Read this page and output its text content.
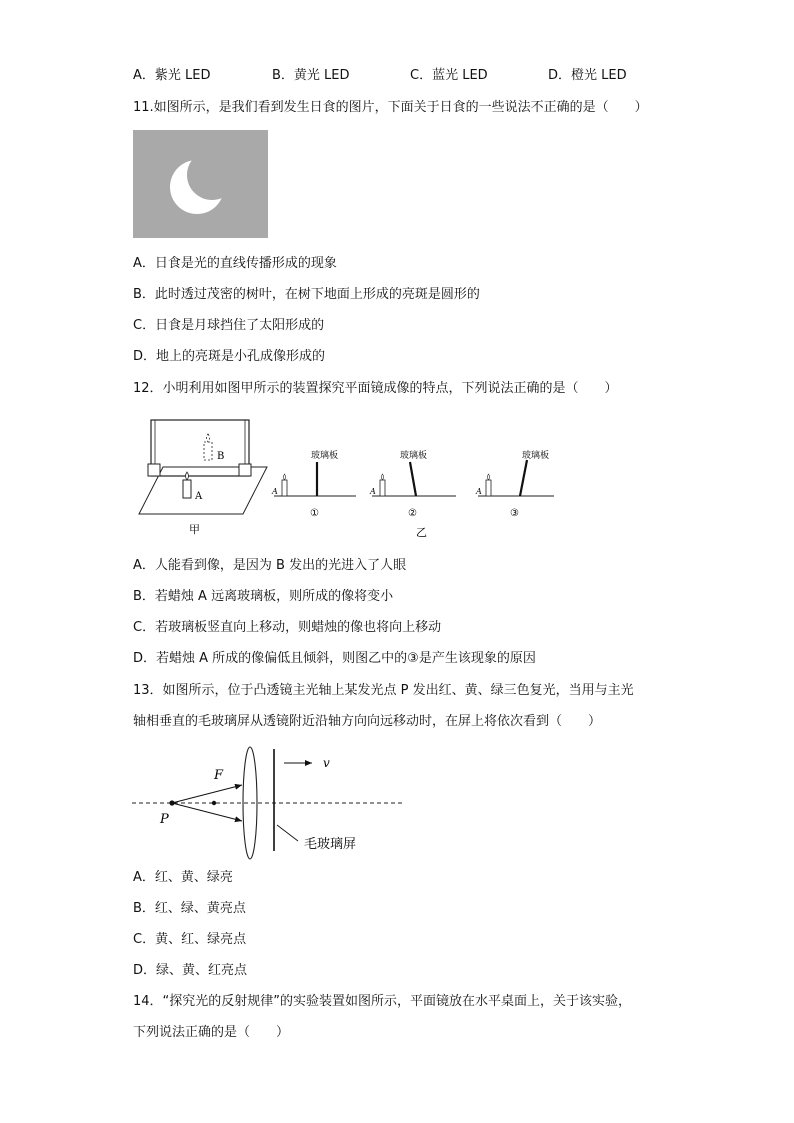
A．紫光 LED	B．黄光 LED	C．蓝光 LED	D．橙光 LED
11.如图所示，是我们看到发生日食的图片，下面关于日食的一些说法不正确的是（　　）
A．日食是光的直线传播形成的现象
B．此时透过茂密的树叶，在树下地面上形成的亮斑是圆形的
C．日食是月球挡住了太阳形成的
D．地上的亮斑是小孔成像形成的
12．小明利用如图甲所示的装置探究平面镜成像的特点，下列说法正确的是（　　）
B
A
甲
A
玻璃板
①
A
玻璃板
②
乙
A
玻璃板
③
A．人能看到像，是因为 B 发出的光进入了人眼
B．若蜡烛 A 远离玻璃板，则所成的像将变小
C．若玻璃板竖直向上移动，则蜡烛的像也将向上移动
D．若蜡烛 A 所成的像偏低且倾斜，则图乙中的③是产生该现象的原因
13．如图所示，位于凸透镜主光轴上某发光点 P 发出红、黄、绿三色复光，当用与主光
轴相垂直的毛玻璃屏从透镜附近沿轴方向向远移动时，在屏上将依次看到（　　）
v
F
P
毛玻璃屏
A．红、黄、绿亮
B．红、绿、黄亮点
C．黄、红、绿亮点
D．绿、黄、红亮点
14．“探究光的反射规律”的实验装置如图所示，平面镜放在水平桌面上，关于该实验，
下列说法正确的是（　　）
